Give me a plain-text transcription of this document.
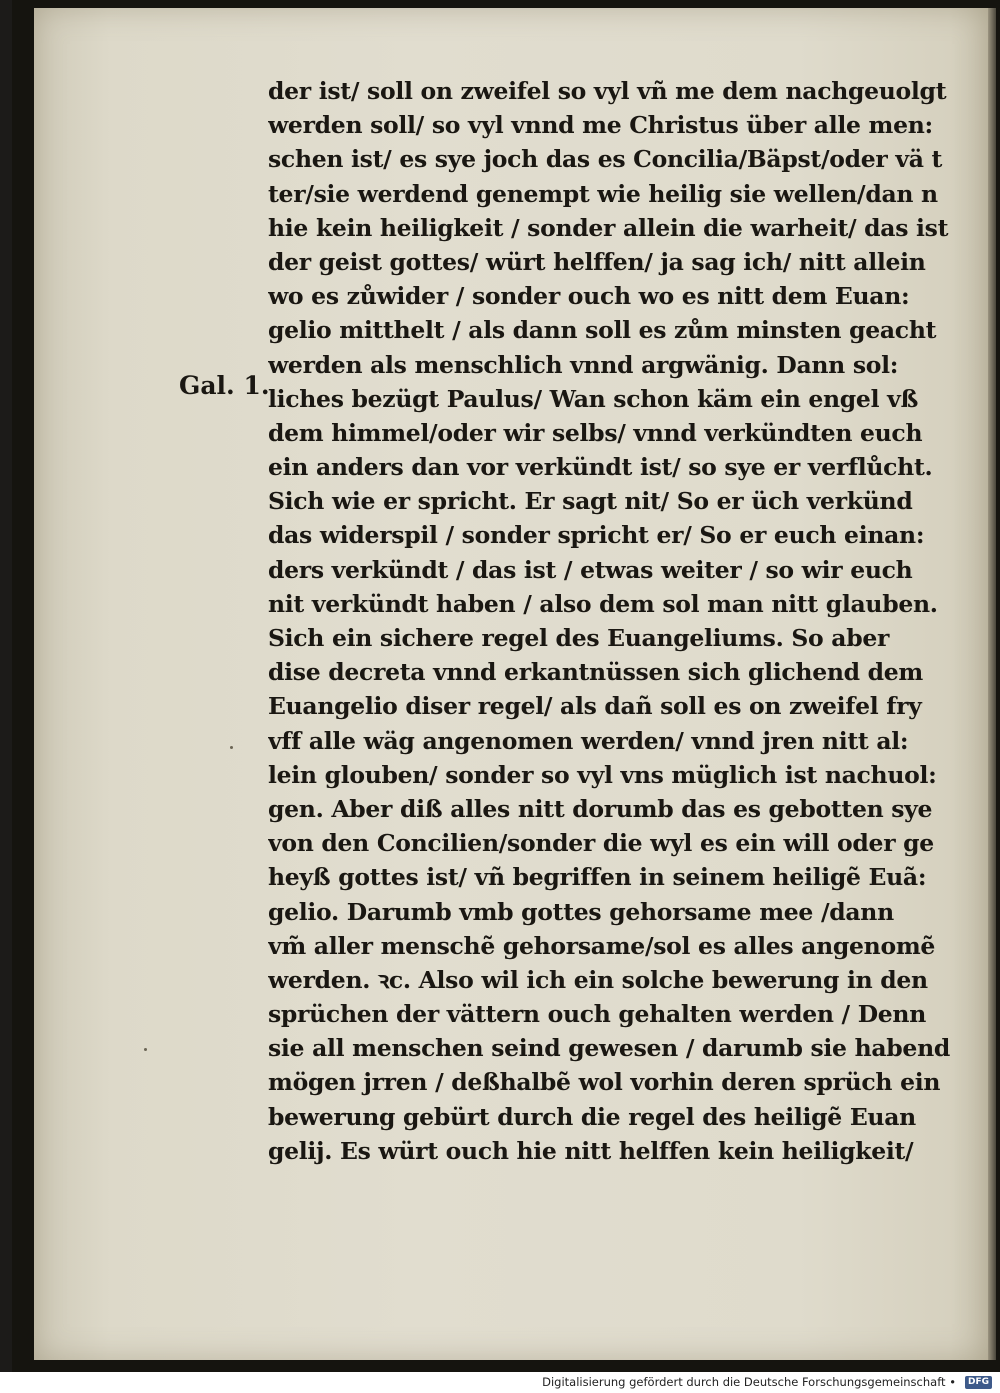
Gal. 1.
der ist/ soll on zweifel so vyl vñ me dem nachgeuolgt
werden soll/ so vyl vnnd me Christus über alle men:
schen ist/ es sye joch das es Concilia/Bäpst/oder vä t
ter/sie werdend genempt wie heilig sie wellen/dan n
hie kein heiligkeit / sonder allein die warheit/ das ist
der geist gottes/ würt helffen/ ja sag ich/ nitt allein
wo es zůwider / sonder ouch wo es nitt dem Euan:
gelio mitthelt / als dann soll es zům minsten geacht
werden als menschlich vnnd argwänig. Dann sol:
liches bezügt Paulus/ Wan schon käm ein engel vß
dem himmel/oder wir selbs/ vnnd verkündten euch
ein anders dan vor verkündt ist/ so sye er verflůcht.
Sich wie er spricht. Er sagt nit/ So er üch verkünd
das widerspil / sonder spricht er/ So er euch einan:
ders verkündt / das ist / etwas weiter / so wir euch
nit verkündt haben / also dem sol man nitt glauben.
Sich ein sichere regel des Euangeliums. So aber
dise decreta vnnd erkantnüssen sich glichend dem
Euangelio diser regel/ als dañ soll es on zweifel fry
vff alle wäg angenomen werden/ vnnd jren nitt al:
lein glouben/ sonder so vyl vns müglich ist nachuol:
gen. Aber diß alles nitt dorumb das es gebotten sye
von den Concilien/sonder die wyl es ein will oder ge
heyß gottes ist/ vñ begriffen in seinem heiligẽ Euã:
gelio. Darumb vmb gottes gehorsame mee /dann
vm̃ aller menschẽ gehorsame/sol es alles angenomẽ
werden. ꝛc. Also wil ich ein solche bewerung in den
sprüchen der vättern ouch gehalten werden / Denn
sie all menschen seind gewesen / darumb sie habend
mögen jrren / deßhalbẽ wol vorhin deren sprüch ein
bewerung gebürt durch die regel des heiligẽ Euan
gelij. Es würt ouch hie nitt helffen kein heiligkeit/
Digitalisierung gefördert durch die Deutsche Forschungsgemeinschaft •	DFG
